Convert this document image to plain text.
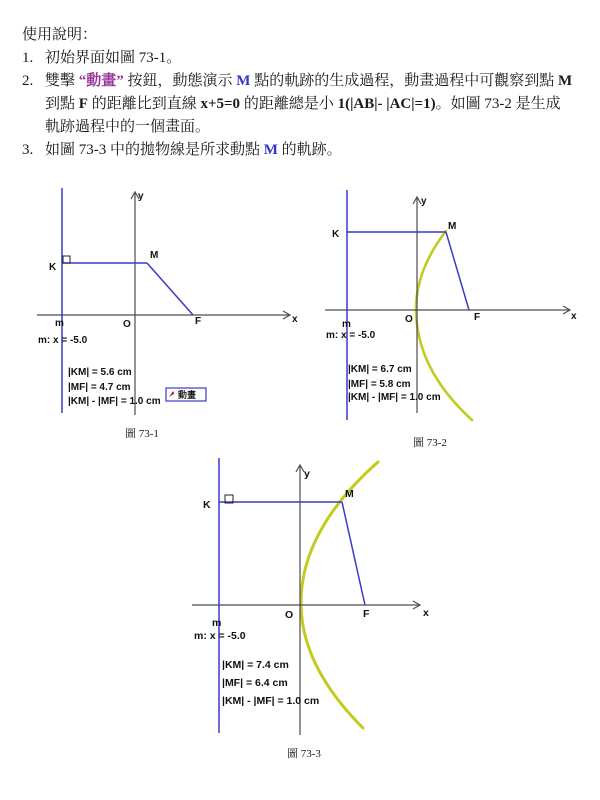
使用說明：
1. 初始界面如圖 73-1。
2. 雙擊 “動畫” 按鈕，動態演示 M 點的軌跡的生成過程，動畫過程中可觀察到點 M 到點 F 的距離比到直線 x+5=0 的距離總是小 1(|AB|- |AC|=1)。如圖 73-2 是生成軌跡過程中的一個畫面。
3. 如圖 73-3 中的拋物線是所求動點 M 的軌跡。
y
x
K
M
O	F
m
m: x = -5.0
|KM| = 5.6 cm
|MF| = 4.7 cm
|KM| - |MF| = 1.0 cm
動畫
圖 73-1
y
x
K
M
O	F
m
m: x = -5.0
|KM| = 6.7 cm
|MF| = 5.8 cm
|KM| - |MF| = 1.0 cm
圖 73-2
y
x
K
M
O	F
m
m: x = -5.0
|KM| = 7.4 cm
|MF| = 6.4 cm
|KM| - |MF| = 1.0 cm
圖 73-3
